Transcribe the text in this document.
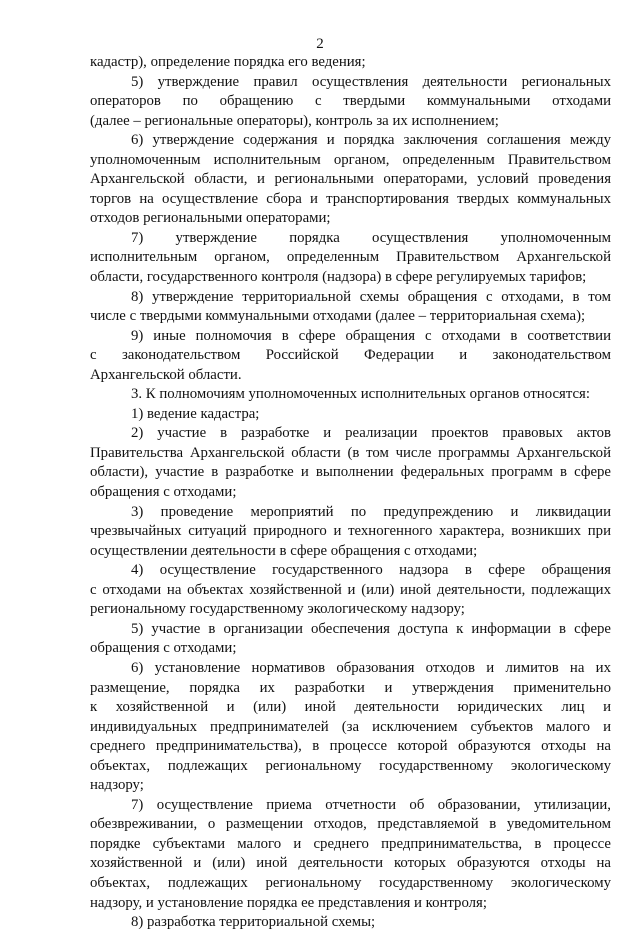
2
кадастр), определение порядка его ведения;
5) утверждение правил осуществления деятельности региональных
операторов по обращению с твердыми коммунальными отходами
(далее – региональные операторы), контроль за их исполнением;
6) утверждение содержания и порядка заключения соглашения между
уполномоченным исполнительным органом, определенным Правительством
Архангельской области, и региональными операторами, условий проведения
торгов на осуществление сбора и транспортирования твердых коммунальных
отходов региональными операторами;
7) утверждение порядка осуществления уполномоченным
исполнительным органом, определенным Правительством Архангельской
области, государственного контроля (надзора) в сфере регулируемых тарифов;
8) утверждение территориальной схемы обращения с отходами, в том
числе с твердыми коммунальными отходами (далее – территориальная схема);
9) иные полномочия в сфере обращения с отходами в соответствии
с законодательством Российской Федерации и законодательством
Архангельской области.
3. К полномочиям уполномоченных исполнительных органов относятся:
1) ведение кадастра;
2) участие в разработке и реализации проектов правовых актов
Правительства Архангельской области (в том числе программы Архангельской
области), участие в разработке и выполнении федеральных программ в сфере
обращения с отходами;
3) проведение мероприятий по предупреждению и ликвидации
чрезвычайных ситуаций природного и техногенного характера, возникших при
осуществлении деятельности в сфере обращения с отходами;
4) осуществление государственного надзора в сфере обращения
с отходами на объектах хозяйственной и (или) иной деятельности, подлежащих
региональному государственному экологическому надзору;
5) участие в организации обеспечения доступа к информации в сфере
обращения с отходами;
6) установление нормативов образования отходов и лимитов на их
размещение, порядка их разработки и утверждения применительно
к хозяйственной и (или) иной деятельности юридических лиц и
индивидуальных предпринимателей (за исключением субъектов малого и
среднего предпринимательства), в процессе которой образуются отходы на
объектах, подлежащих региональному государственному экологическому
надзору;
7) осуществление приема отчетности об образовании, утилизации,
обезвреживании, о размещении отходов, представляемой в уведомительном
порядке субъектами малого и среднего предпринимательства, в процессе
хозяйственной и (или) иной деятельности которых образуются отходы на
объектах, подлежащих региональному государственному экологическому
надзору, и установление порядка ее представления и контроля;
8) разработка территориальной схемы;
